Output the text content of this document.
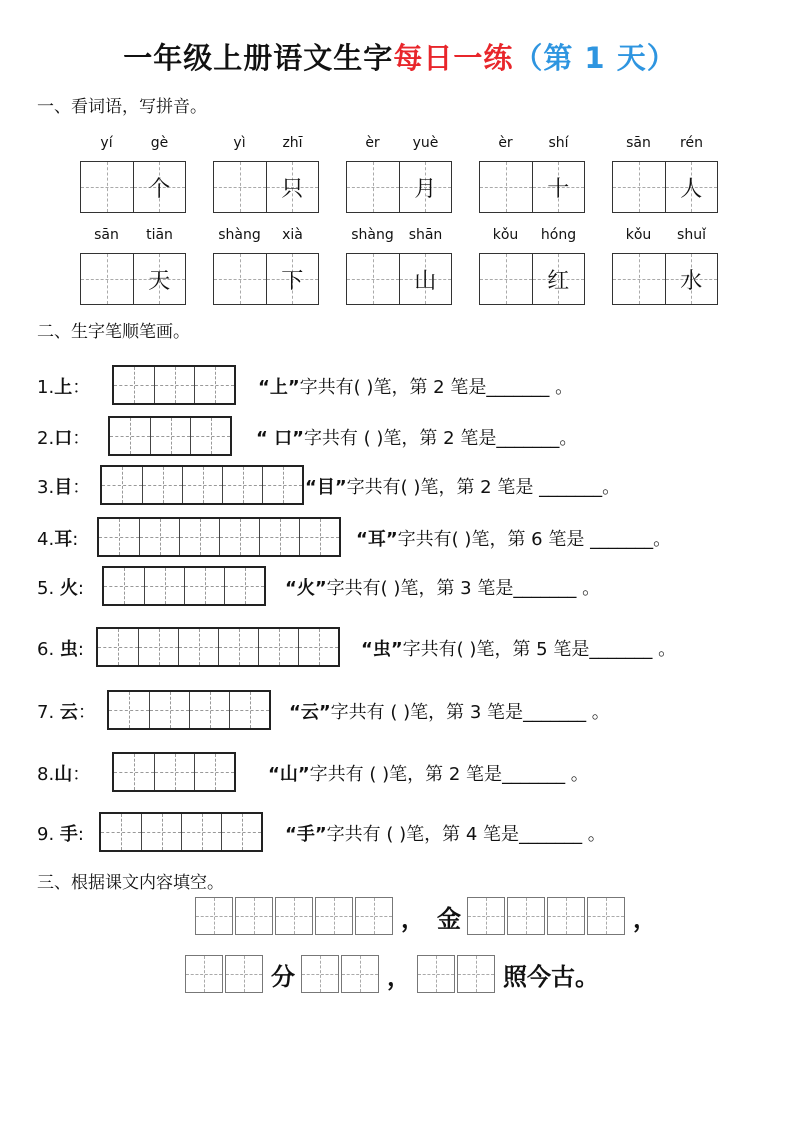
一年级上册语文生字每日一练（第 1 天）
一、看词语，写拼音。
yí	gè
个
yì	zhī
只
èr	yuè
月
èr	shí
十
sān	rén
人
sān	tiān
天
shàng	xià
下
shàng	shān
山
kǒu	hóng
红
kǒu	shuǐ
水
二、生字笔顺笔画。
1.上：	“上”字共有( )笔，第 2 笔是_______ 。
2.口：	“ 口”字共有 ( )笔，第 2 笔是_______。
3.目：	“目”字共有( )笔，第 2 笔是 _______。
4.耳:	“耳”字共有( )笔，第 6 笔是 _______。
5. 火:	“火”字共有( )笔，第 3 笔是_______ 。
6. 虫:	“虫”字共有( )笔，第 5 笔是_______ 。
7. 云：	“云”字共有 ( )笔，第 3 笔是_______ 。
8.山：	“山”字共有 ( )笔，第 2 笔是_______ 。
9. 手:	“手”字共有 ( )笔，第 4 笔是_______ 。
三、根据课文内容填空。
， 金	，
分	，	照今古。
